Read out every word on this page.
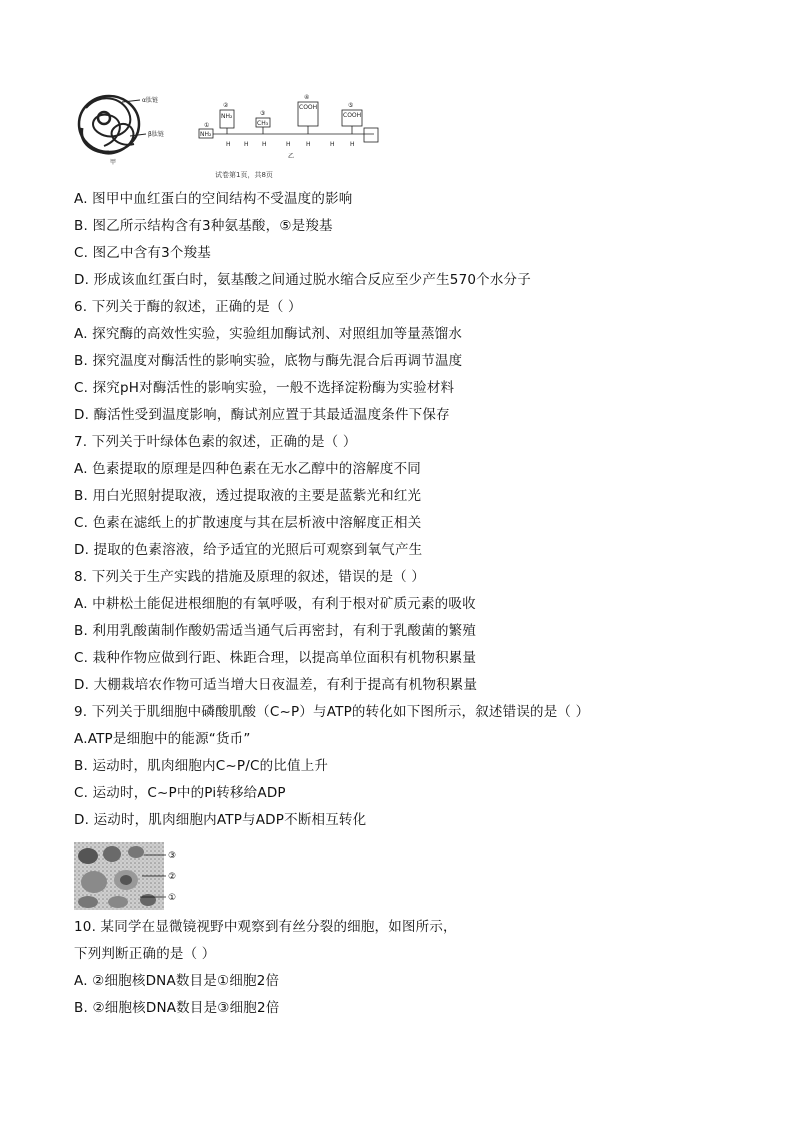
α肽链
β肽链
甲
NH₂
①
NH₂
②
CH₃
③
COOH
④
COOH
⑤
H H H	H	H	H	H
乙
试卷第1页，共8页
A. 图甲中血红蛋白的空间结构不受温度的影响
B. 图乙所示结构含有3种氨基酸，⑤是羧基
C. 图乙中含有3个羧基
D. 形成该血红蛋白时，氨基酸之间通过脱水缩合反应至少产生570个水分子
6. 下列关于酶的叙述，正确的是（ ）
A. 探究酶的高效性实验，实验组加酶试剂、对照组加等量蒸馏水
B. 探究温度对酶活性的影响实验，底物与酶先混合后再调节温度
C. 探究pH对酶活性的影响实验，一般不选择淀粉酶为实验材料
D. 酶活性受到温度影响，酶试剂应置于其最适温度条件下保存
7. 下列关于叶绿体色素的叙述，正确的是（ ）
A. 色素提取的原理是四种色素在无水乙醇中的溶解度不同
B. 用白光照射提取液，透过提取液的主要是蓝紫光和红光
C. 色素在滤纸上的扩散速度与其在层析液中溶解度正相关
D. 提取的色素溶液，给予适宜的光照后可观察到氧气产生
8. 下列关于生产实践的措施及原理的叙述，错误的是（ ）
A. 中耕松土能促进根细胞的有氧呼吸，有利于根对矿质元素的吸收
B. 利用乳酸菌制作酸奶需适当通气后再密封，有利于乳酸菌的繁殖
C. 栽种作物应做到行距、株距合理，以提高单位面积有机物积累量
D. 大棚栽培农作物可适当增大日夜温差，有利于提高有机物积累量
9. 下列关于肌细胞中磷酸肌酸（C~P）与ATP的转化如下图所示，叙述错误的是（ ）
A.ATP是细胞中的能源“货币”
B. 运动时，肌肉细胞内C~P/C的比值上升
C. 运动时，C~P中的Pi转移给ADP
D. 运动时，肌肉细胞内ATP与ADP不断相互转化
③
②
①
10. 某同学在显微镜视野中观察到有丝分裂的细胞，如图所示，
下列判断正确的是（ ）
A. ②细胞核DNA数目是①细胞2倍
B. ②细胞核DNA数目是③细胞2倍
